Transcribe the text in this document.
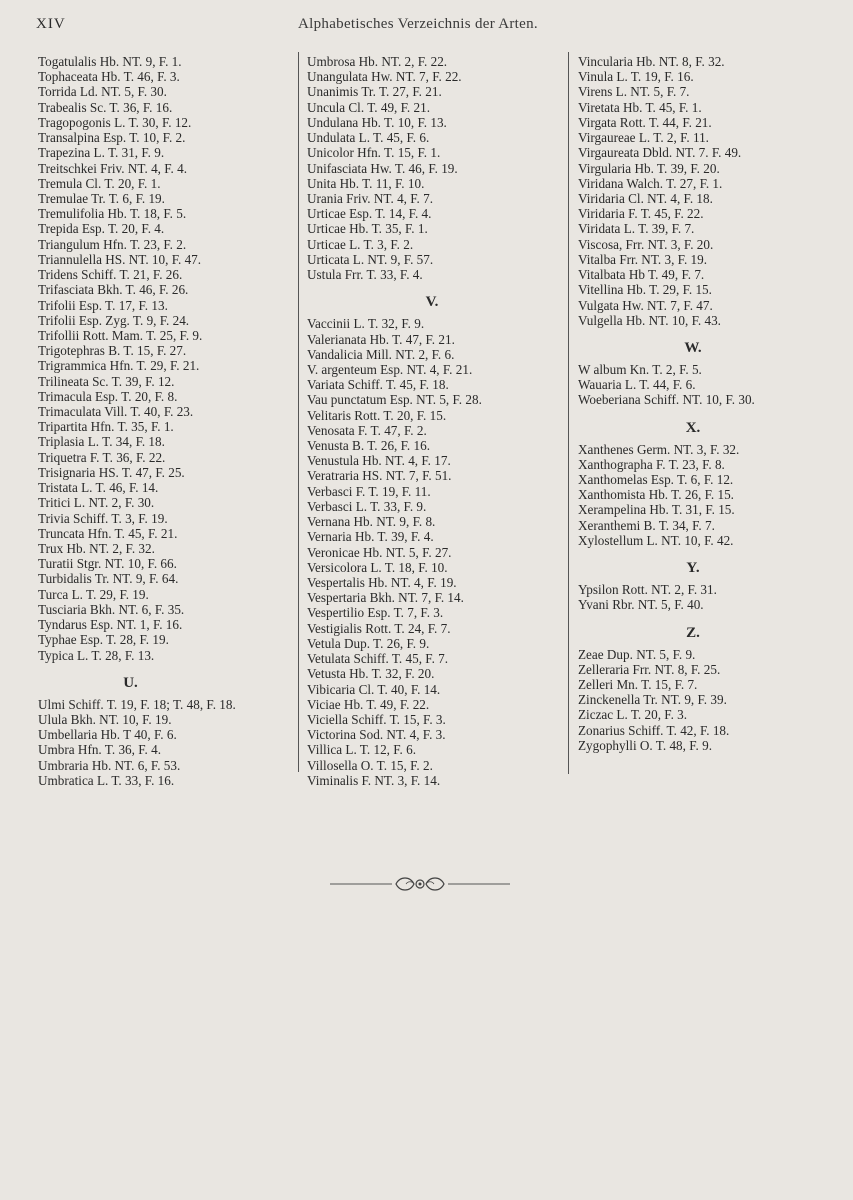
XIV	Alphabetisches Verzeichnis der Arten.
Togatulalis Hb. NT. 9, F. 1.
Tophaceata Hb. T. 46, F. 3.
Torrida Ld. NT. 5, F. 30.
Trabealis Sc. T. 36, F. 16.
Tragopogonis L. T. 30, F. 12.
Transalpina Esp. T. 10, F. 2.
Trapezina L. T. 31, F. 9.
Treitschkei Friv. NT. 4, F. 4.
Tremula Cl. T. 20, F. 1.
Tremulae Tr. T. 6, F. 19.
Tremulifolia Hb. T. 18, F. 5.
Trepida Esp. T. 20, F. 4.
Triangulum Hfn. T. 23, F. 2.
Triannulella HS. NT. 10, F. 47.
Tridens Schiff. T. 21, F. 26.
Trifasciata Bkh. T. 46, F. 26.
Trifolii Esp. T. 17, F. 13.
Trifolii Esp. Zyg. T. 9, F. 24.
Trifollii Rott. Mam. T. 25, F. 9.
Trigotephras B. T. 15, F. 27.
Trigrammica Hfn. T. 29, F. 21.
Trilineata Sc. T. 39, F. 12.
Trimacula Esp. T. 20, F. 8.
Trimaculata Vill. T. 40, F. 23.
Tripartita Hfn. T. 35, F. 1.
Triplasia L. T. 34, F. 18.
Triquetra F. T. 36, F. 22.
Trisignaria HS. T. 47, F. 25.
Tristata L. T. 46, F. 14.
Tritici L. NT. 2, F. 30.
Trivia Schiff. T. 3, F. 19.
Truncata Hfn. T. 45, F. 21.
Trux Hb. NT. 2, F. 32.
Turatii Stgr. NT. 10, F. 66.
Turbidalis Tr. NT. 9, F. 64.
Turca L. T. 29, F. 19.
Tusciaria Bkh. NT. 6, F. 35.
Tyndarus Esp. NT. 1, F. 16.
Typhae Esp. T. 28, F. 19.
Typica L. T. 28, F. 13.
U.
Ulmi Schiff. T. 19, F. 18; T. 48, F. 18.
Ulula Bkh. NT. 10, F. 19.
Umbellaria Hb. T 40, F. 6.
Umbra Hfn. T. 36, F. 4.
Umbraria Hb. NT. 6, F. 53.
Umbratica L. T. 33, F. 16.
Umbrosa Hb. NT. 2, F. 22.
Unangulata Hw. NT. 7, F. 22.
Unanimis Tr. T. 27, F. 21.
Uncula Cl. T. 49, F. 21.
Undulana Hb. T. 10, F. 13.
Undulata L. T. 45, F. 6.
Unicolor Hfn. T. 15, F. 1.
Unifasciata Hw. T. 46, F. 19.
Unita Hb. T. 11, F. 10.
Urania Friv. NT. 4, F. 7.
Urticae Esp. T. 14, F. 4.
Urticae Hb. T. 35, F. 1.
Urticae L. T. 3, F. 2.
Urticata L. NT. 9, F. 57.
Ustula Frr. T. 33, F. 4.
V.
Vaccinii L. T. 32, F. 9.
Valerianata Hb. T. 47, F. 21.
Vandalicia Mill. NT. 2, F. 6.
V. argenteum Esp. NT. 4, F. 21.
Variata Schiff. T. 45, F. 18.
Vau punctatum Esp. NT. 5, F. 28.
Velitaris Rott. T. 20, F. 15.
Venosata F. T. 47, F. 2.
Venusta B. T. 26, F. 16.
Venustula Hb. NT. 4, F. 17.
Veratraria HS. NT. 7, F. 51.
Verbasci F. T. 19, F. 11.
Verbasci L. T. 33, F. 9.
Vernana Hb. NT. 9, F. 8.
Vernaria Hb. T. 39, F. 4.
Veronicae Hb. NT. 5, F. 27.
Versicolora L. T. 18, F. 10.
Vespertalis Hb. NT. 4, F. 19.
Vespertaria Bkh. NT. 7, F. 14.
Vespertilio Esp. T. 7, F. 3.
Vestigialis Rott. T. 24, F. 7.
Vetula Dup. T. 26, F. 9.
Vetulata Schiff. T. 45, F. 7.
Vetusta Hb. T. 32, F. 20.
Vibicaria Cl. T. 40, F. 14.
Viciae Hb. T. 49, F. 22.
Viciella Schiff. T. 15, F. 3.
Victorina Sod. NT. 4, F. 3.
Villica L. T. 12, F. 6.
Villosella O. T. 15, F. 2.
Viminalis F. NT. 3, F. 14.
Vincularia Hb. NT. 8, F. 32.
Vinula L. T. 19, F. 16.
Virens L. NT. 5, F. 7.
Viretata Hb. T. 45, F. 1.
Virgata Rott. T. 44, F. 21.
Virgaureae L. T. 2, F. 11.
Virgaureata Dbld. NT. 7. F. 49.
Virgularia Hb. T. 39, F. 20.
Viridana Walch. T. 27, F. 1.
Viridaria Cl. NT. 4, F. 18.
Viridaria F. T. 45, F. 22.
Viridata L. T. 39, F. 7.
Viscosa, Frr. NT. 3, F. 20.
Vitalba Frr. NT. 3, F. 19.
Vitalbata Hb T. 49, F. 7.
Vitellina Hb. T. 29, F. 15.
Vulgata Hw. NT. 7, F. 47.
Vulgella Hb. NT. 10, F. 43.
W.
W album Kn. T. 2, F. 5.
Wauaria L. T. 44, F. 6.
Woeberiana Schiff. NT. 10, F. 30.
X.
Xanthenes Germ. NT. 3, F. 32.
Xanthographa F. T. 23, F. 8.
Xanthomelas Esp. T. 6, F. 12.
Xanthomista Hb. T. 26, F. 15.
Xerampelina Hb. T. 31, F. 15.
Xeranthemi B. T. 34, F. 7.
Xylostellum L. NT. 10, F. 42.
Y.
Ypsilon Rott. NT. 2, F. 31.
Yvani Rbr. NT. 5, F. 40.
Z.
Zeae Dup. NT. 5, F. 9.
Zelleraria Frr. NT. 8, F. 25.
Zelleri Mn. T. 15, F. 7.
Zinckenella Tr. NT. 9, F. 39.
Ziczac L. T. 20, F. 3.
Zonarius Schiff. T. 42, F. 18.
Zygophylli O. T. 48, F. 9.
